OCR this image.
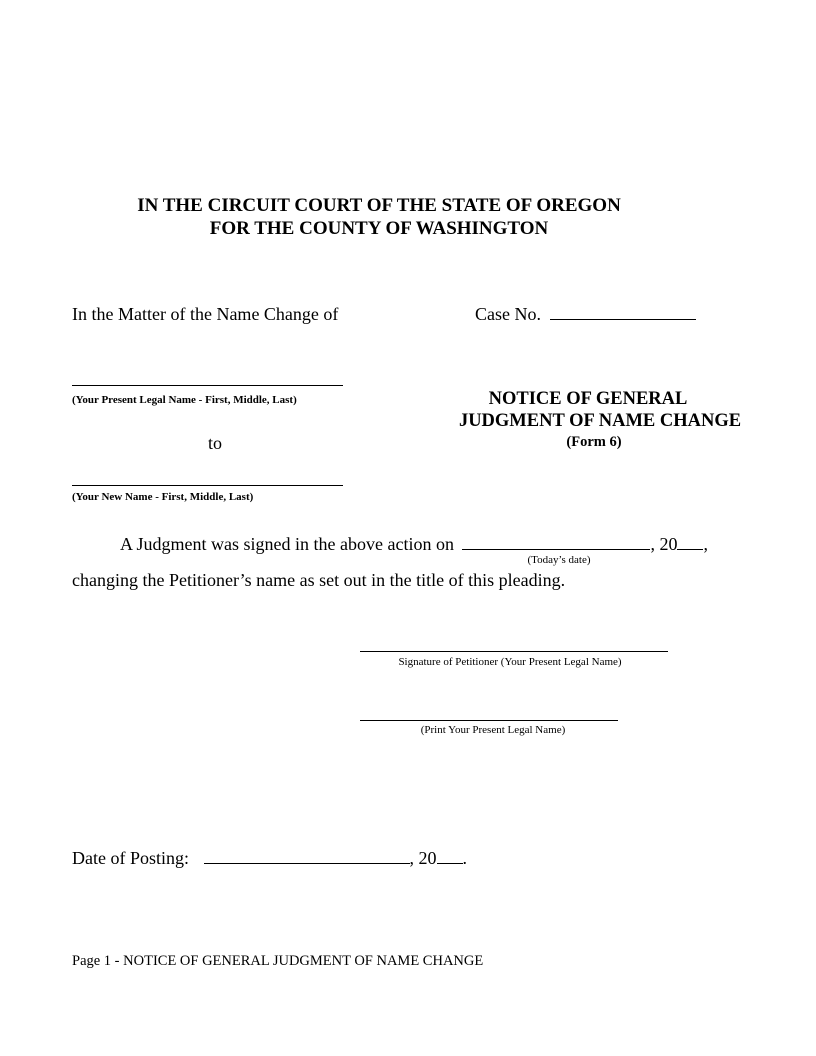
IN THE CIRCUIT COURT OF THE STATE OF OREGON
FOR THE COUNTY OF WASHINGTON
In the Matter of the Name Change of	Case No.
(Your Present Legal Name - First, Middle, Last)	NOTICE OF GENERAL
JUDGMENT OF NAME CHANGE
(Form 6)
to
(Your New Name - First, Middle, Last)
A Judgment was signed in the above action on	, 20 ,
(Today’s date)
changing the Petitioner’s name as set out in the title of this pleading.
Signature of Petitioner (Your Present Legal Name)
(Print Your Present Legal Name)
Date of Posting:	, 20 .
Page 1 - NOTICE OF GENERAL JUDGMENT OF NAME CHANGE
